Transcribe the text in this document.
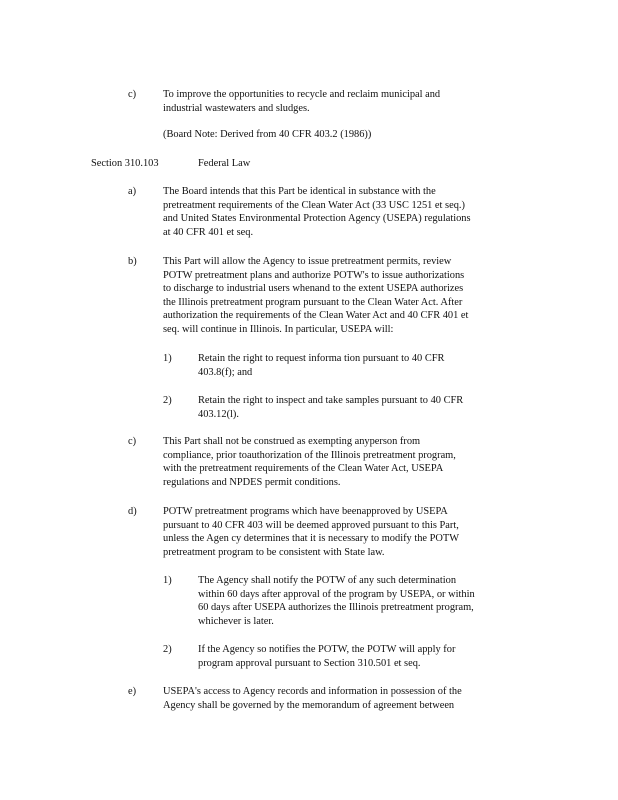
c)	To improve the opportunities to recycle and reclaim municipal and
industrial wastewaters and sludges.
(Board Note: Derived from 40 CFR 403.2 (1986))
Section 310.103	Federal Law
a)	The Board intends that this Part be identical in substance with the
pretreatment requirements of the Clean Water Act (33 USC 1251 et seq.)
and United States Environmental Protection Agency (USEPA) regulations
at 40 CFR 401 et seq.
b)	This Part will allow the Agency to issue pretreatment permits, review
POTW pretreatment plans and authorize POTW's to issue authorizations
to discharge to industrial users whenand to the extent USEPA authorizes
the Illinois pretreatment program pursuant to the Clean Water Act. After
authorization the requirements of the Clean Water Act and 40 CFR 401 et
seq. will continue in Illinois. In particular, USEPA will:
1)	Retain the right to request informa tion pursuant to 40 CFR
403.8(f); and
2)	Retain the right to inspect and take samples pursuant to 40 CFR
403.12(l).
c)	This Part shall not be construed as exempting anyperson from
compliance, prior toauthorization of the Illinois pretreatment program,
with the pretreatment requirements of the Clean Water Act, USEPA
regulations and NPDES permit conditions.
d)	POTW pretreatment programs which have beenapproved by USEPA
pursuant to 40 CFR 403 will be deemed approved pursuant to this Part,
unless the Agen cy determines that it is necessary to modify the POTW
pretreatment program to be consistent with State law.
1)	The Agency shall notify the POTW of any such determination
within 60 days after approval of the program by USEPA, or within
60 days after USEPA authorizes the Illinois pretreatment program,
whichever is later.
2)	If the Agency so notifies the POTW, the POTW will apply for
program approval pursuant to Section 310.501 et seq.
e)	USEPA's access to Agency records and information in possession of the
Agency shall be governed by the memorandum of agreement between
